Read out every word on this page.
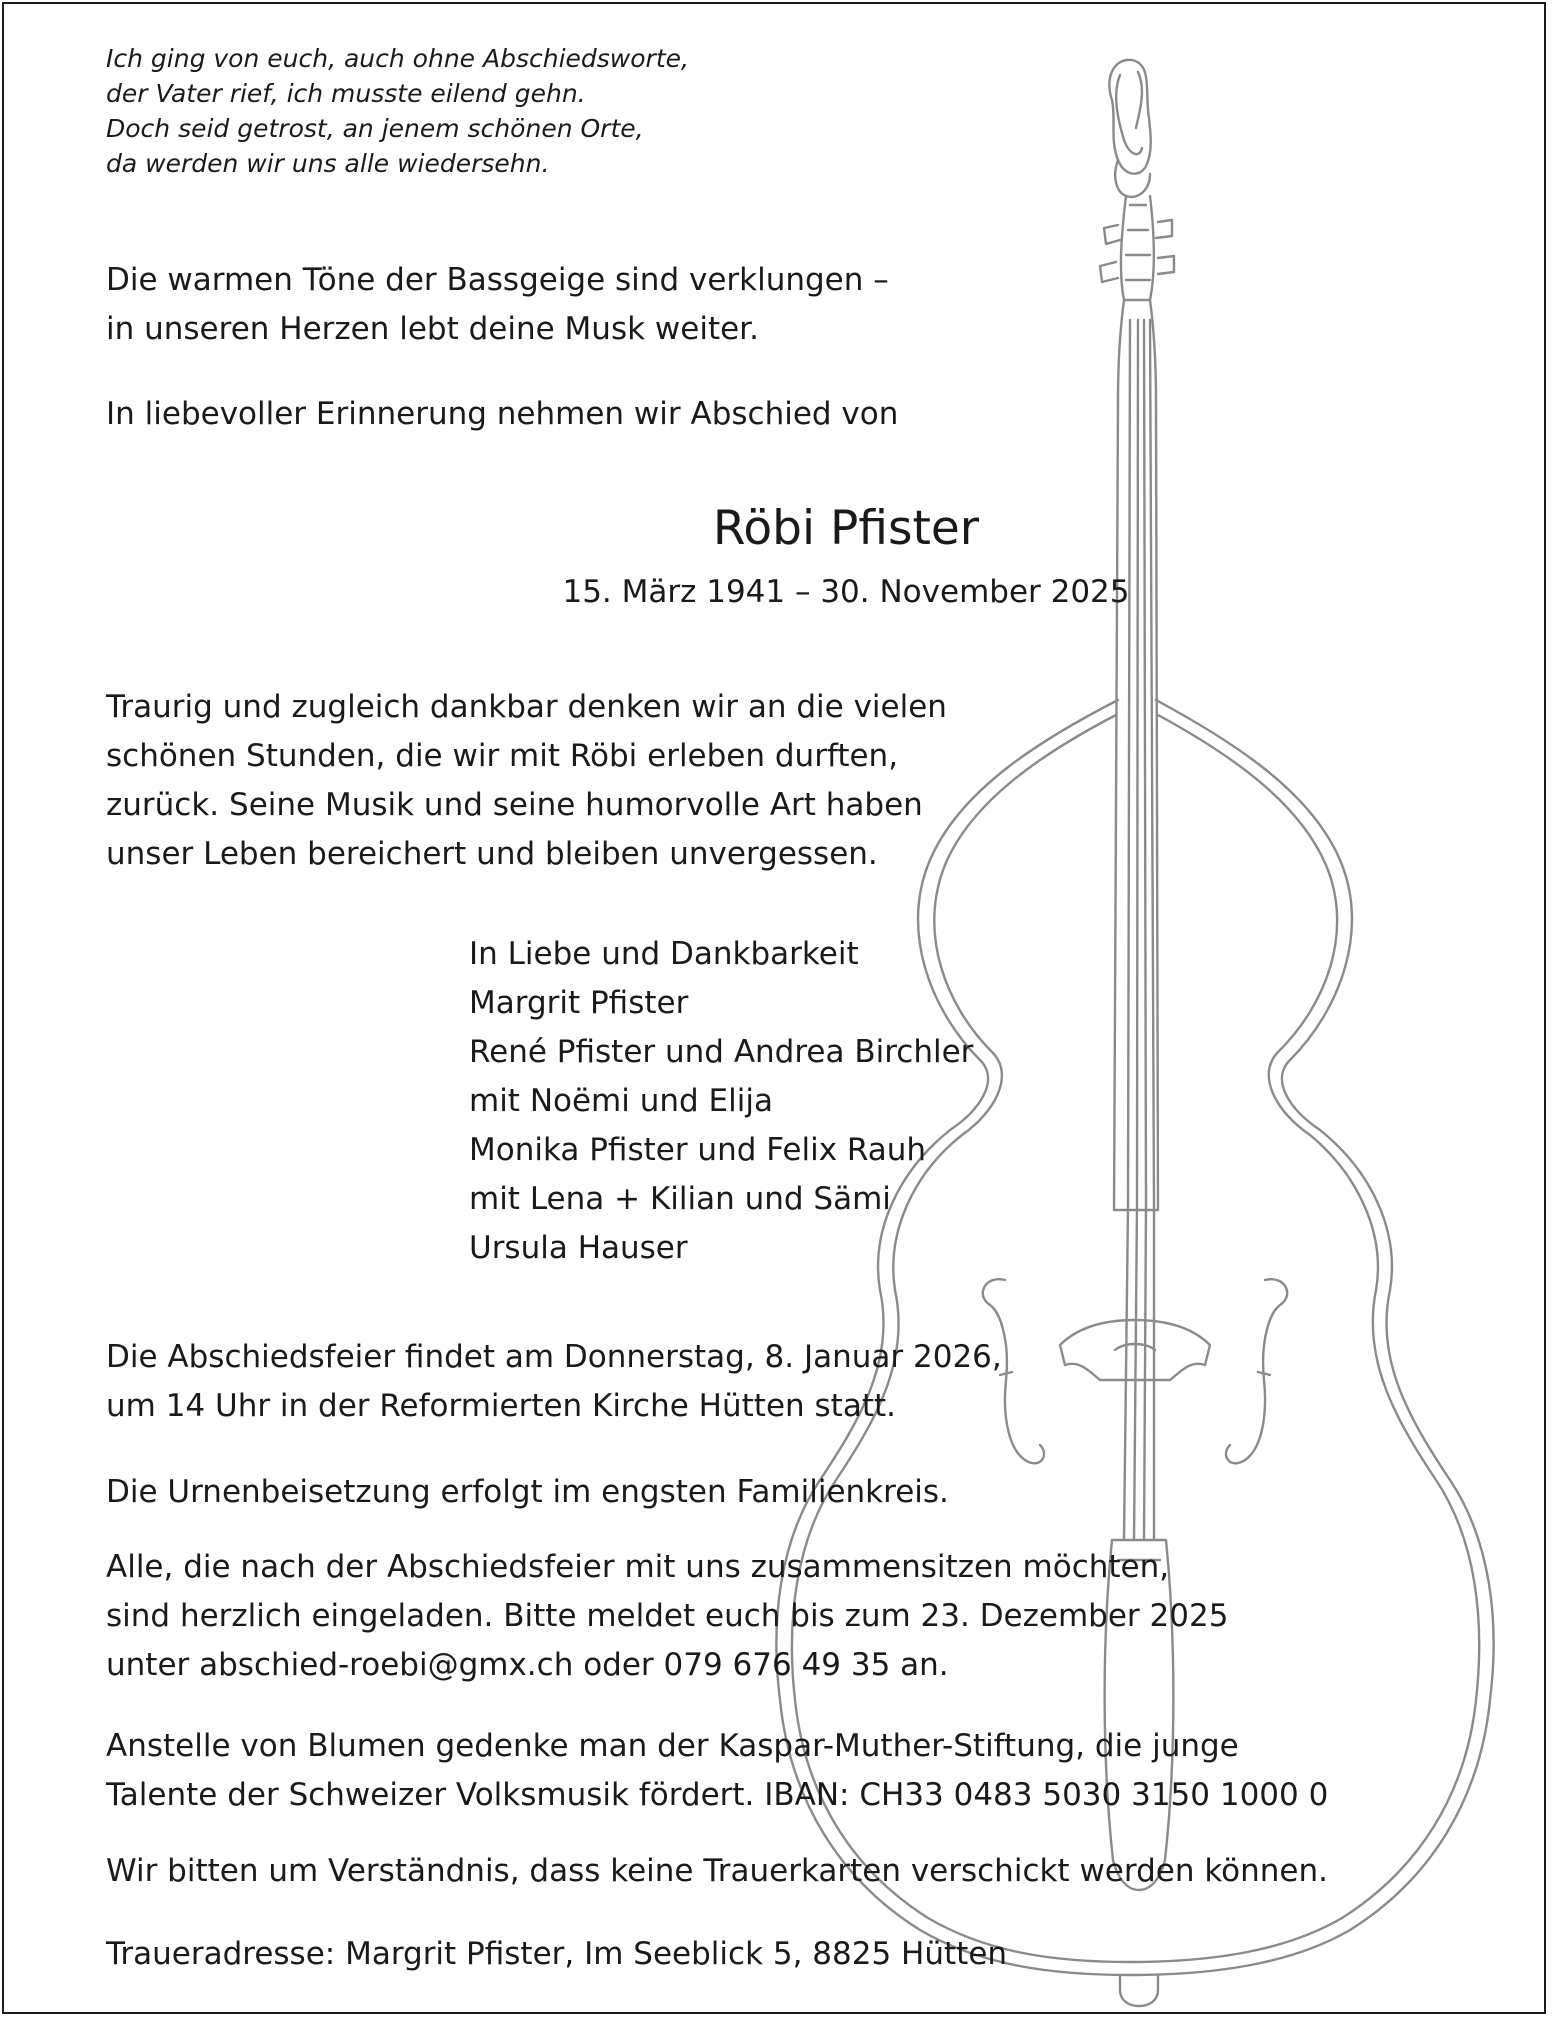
Ich ging von euch, auch ohne Abschiedsworte,
der Vater rief, ich musste eilend gehn.
Doch seid getrost, an jenem schönen Orte,
da werden wir uns alle wiedersehn.

Die warmen Töne der Bassgeige sind verklungen –
in unseren Herzen lebt deine Musk weiter.

In liebevoller Erinnerung nehmen wir Abschied von

Röbi Pfister

15. März 1941 – 30. November 2025

Traurig und zugleich dankbar denken wir an die vielen
schönen Stunden, die wir mit Röbi erleben durften,
zurück. Seine Musik und seine humorvolle Art haben
unser Leben bereichert und bleiben unvergessen.

In Liebe und Dankbarkeit
Margrit Pfister
René Pfister und Andrea Birchler
mit Noëmi und Elija
Monika Pfister und Felix Rauh
mit Lena + Kilian und Sämi
Ursula Hauser

Die Abschiedsfeier findet am Donnerstag, 8. Januar 2026,
um 14 Uhr in der Reformierten Kirche Hütten statt.

Die Urnenbeisetzung erfolgt im engsten Familienkreis.

Alle, die nach der Abschiedsfeier mit uns zusammensitzen möchten,
sind herzlich eingeladen. Bitte meldet euch bis zum 23. Dezember 2025
unter abschied-roebi@gmx.ch oder 079 676 49 35 an.

Anstelle von Blumen gedenke man der Kaspar-Muther-Stiftung, die junge
Talente der Schweizer Volksmusik fördert. IBAN: CH33 0483 5030 3150 1000 0

Wir bitten um Verständnis, dass keine Trauerkarten verschickt werden können.

Traueradresse: Margrit Pfister, Im Seeblick 5, 8825 Hütten
